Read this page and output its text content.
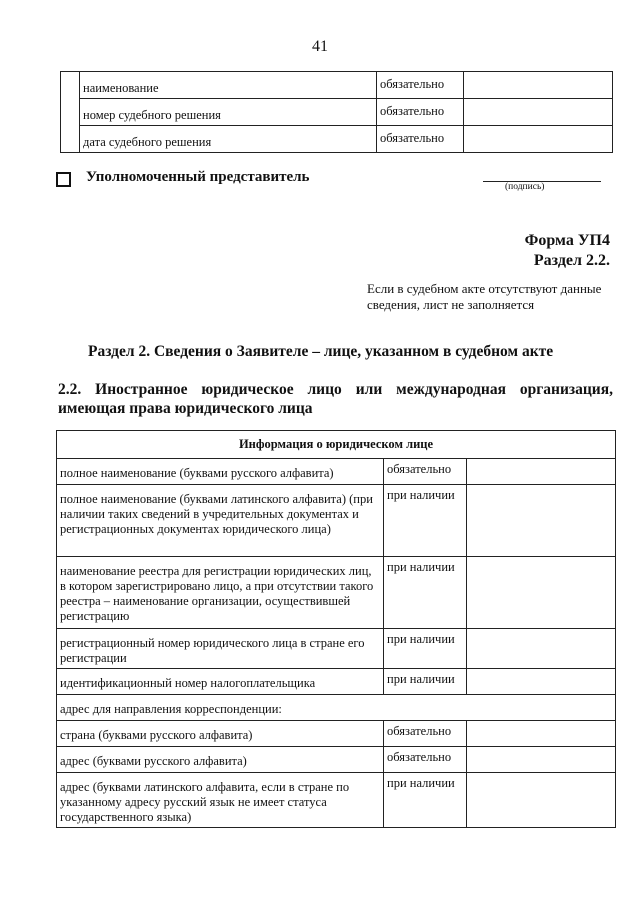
41
	наименование	обязательно	
	номер судебного решения	обязательно	
	дата судебного решения	обязательно	
Уполномоченный представитель
(подпись)
Форма УП4
Раздел 2.2.
Если в судебном акте отсутствуют данные сведения, лист не заполняется
Раздел 2. Сведения о Заявителе – лице, указанном в судебном акте
2.2. Иностранное юридическое лицо или международная организация, имеющая права юридического лица
Информация о юридическом лице		
полное наименование (буквами русского алфавита)	обязательно	
полное наименование (буквами латинского алфавита) (при наличии таких сведений в учредительных документах и регистрационных документах юридического лица)	при наличии	
наименование реестра для регистрации юридических лиц, в котором зарегистрировано лицо, а при отсутствии такого реестра – наименование организации, осуществившей регистрацию	при наличии	
регистрационный номер юридического лица в стране его регистрации	при наличии	
идентификационный номер налогоплательщика	при наличии	
адрес для направления корреспонденции:		
страна (буквами русского алфавита)	обязательно	
адрес (буквами русского алфавита)	обязательно	
адрес (буквами латинского алфавита, если в стране по указанному адресу русский язык не имеет статуса государственного языка)	при наличии	
